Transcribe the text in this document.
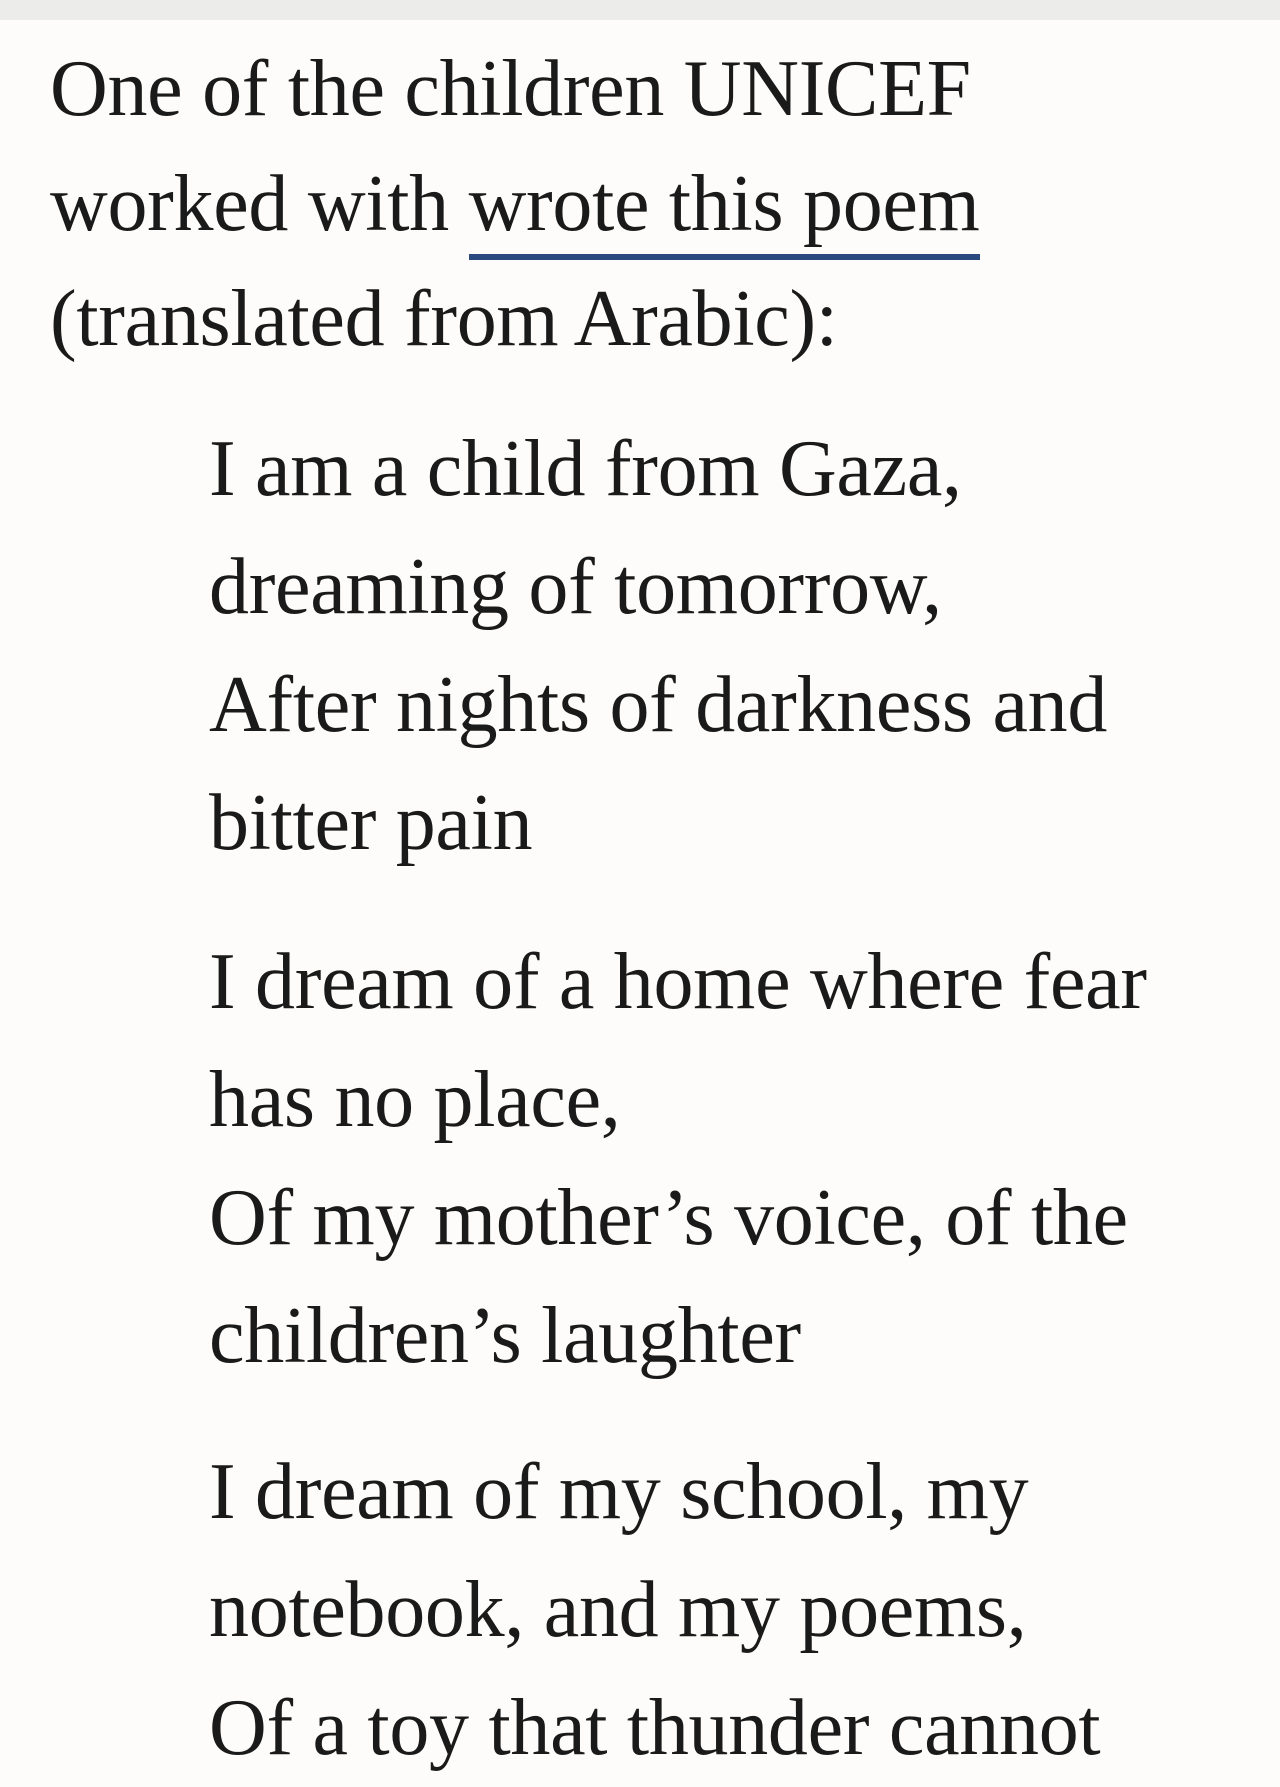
One of the children UNICEF
worked with wrote this poem
(translated from Arabic):

I am a child from Gaza,
dreaming of tomorrow,
After nights of darkness and
bitter pain

I dream of a home where fear
has no place,
Of my mother’s voice, of the
children’s laughter

I dream of my school, my
notebook, and my poems,
Of a toy that thunder cannot
